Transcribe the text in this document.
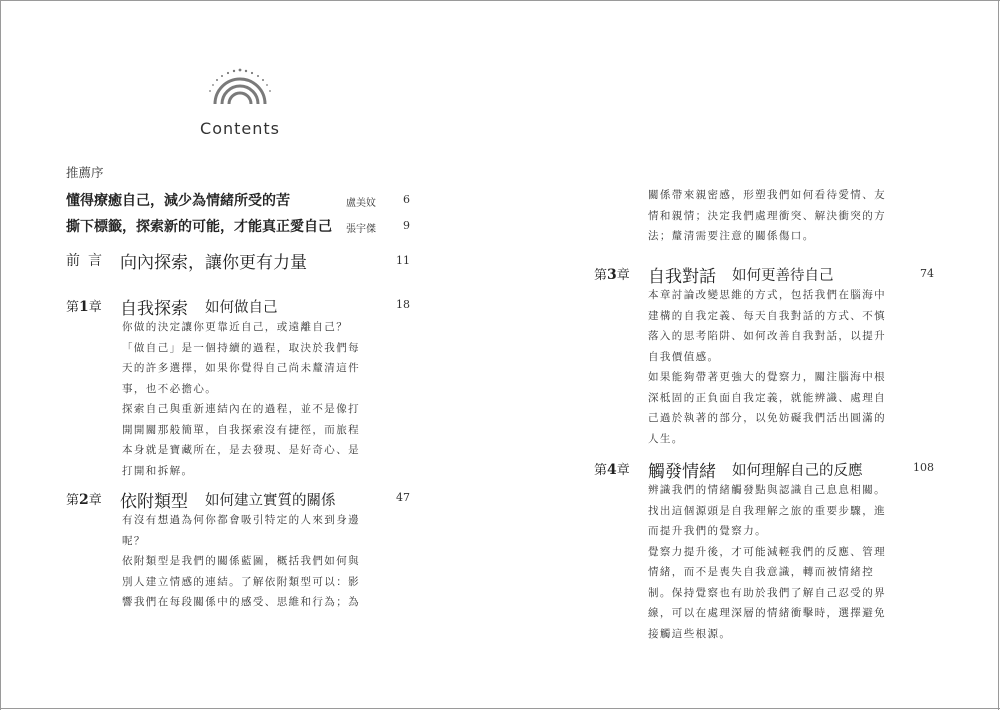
Contents
推薦序
懂得療癒自己，減少為情緒所受的苦	盧美妏	6
撕下標籤，探索新的可能，才能真正愛自己 張宇傑	9
前言 向內探索，讓你更有力量	11
第1章 自我探索 如何做自己	18
你做的決定讓你更靠近自己，或遠離自己？
「做自己」是一個持續的過程，取決於我們每
天的許多選擇，如果你覺得自己尚未釐清這件
事，也不必擔心。
探索自己與重新連結內在的過程，並不是像打
開開關那般簡單，自我探索沒有捷徑，而旅程
本身就是寶藏所在，是去發現、是好奇心、是
打開和拆解。
第2章 依附類型 如何建立實質的關係	47
有沒有想過為何你都會吸引特定的人來到身邊
呢？
依附類型是我們的關係藍圖，概括我們如何與
別人建立情感的連結。了解依附類型可以：影
響我們在每段關係中的感受、思維和行為；為
關係帶來親密感，形塑我們如何看待愛情、友
情和親情；決定我們處理衝突、解決衝突的方
法；釐清需要注意的關係傷口。
第3章 自我對話 如何更善待自己	74
本章討論改變思維的方式，包括我們在腦海中
建構的自我定義、每天自我對話的方式、不慎
落入的思考陷阱、如何改善自我對話，以提升
自我價值感。
如果能夠帶著更強大的覺察力，關注腦海中根
深柢固的正負面自我定義，就能辨識、處理自
己過於執著的部分，以免妨礙我們活出圓滿的
人生。
第4章 觸發情緒 如何理解自己的反應	108
辨識我們的情緒觸發點與認識自己息息相關。
找出這個源頭是自我理解之旅的重要步驟，進
而提升我們的覺察力。
覺察力提升後，才可能減輕我們的反應、管理
情緒，而不是喪失自我意識，轉而被情緒控
制。保持覺察也有助於我們了解自己忍受的界
線，可以在處理深層的情緒衝擊時，選擇避免
接觸這些根源。
